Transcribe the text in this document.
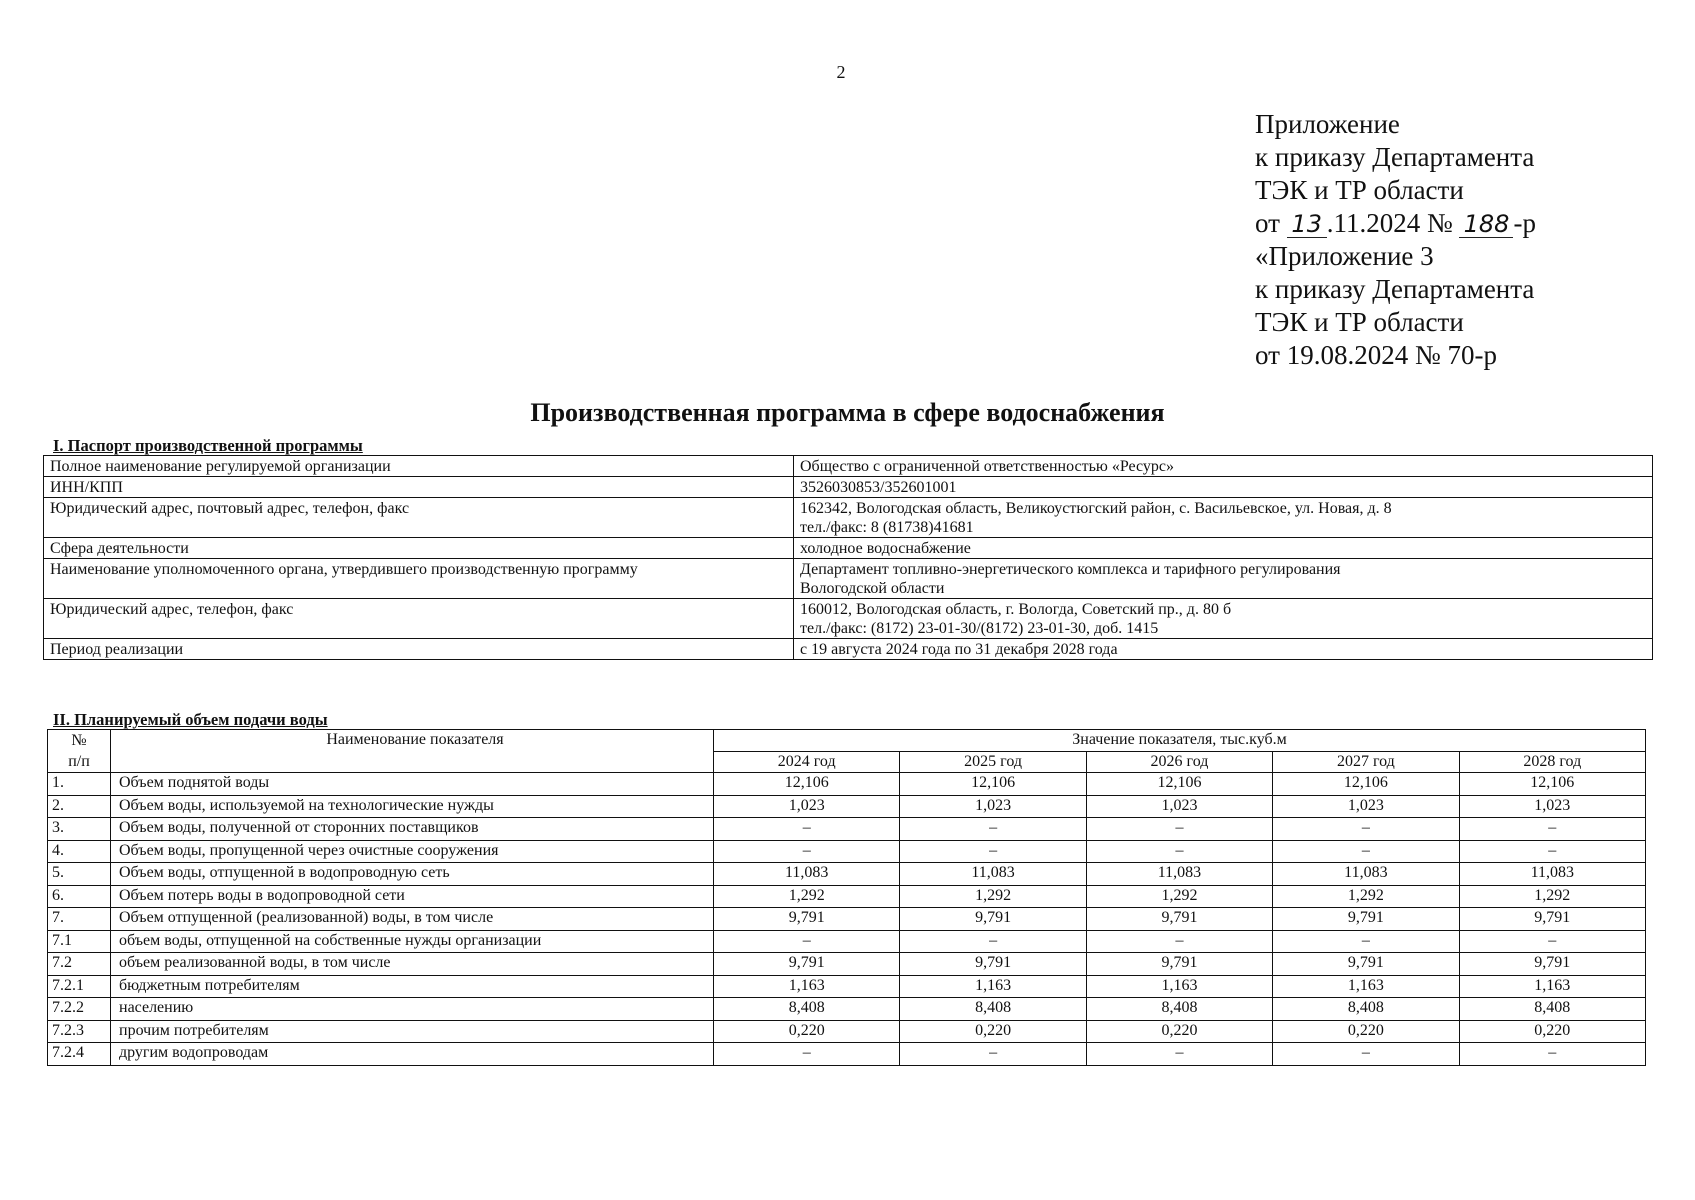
2
Приложение
к приказу Департамента
ТЭК и ТР области
от 13 .11.2024 № 188 -р
«Приложение 3
к приказу Департамента
ТЭК и ТР области
от 19.08.2024 № 70-р
Производственная программа в сфере водоснабжения
I. Паспорт производственной программы
Полное наименование регулируемой организации	Общество с ограниченной ответственностью «Ресурс»
ИНН/КПП	3526030853/352601001
Юридический адрес, почтовый адрес, телефон, факс	162342, Вологодская область, Великоустюгский район, с. Васильевское, ул. Новая, д. 8
тел./факс: 8 (81738)41681
Сфера деятельности	холодное водоснабжение
Наименование уполномоченного органа, утвердившего производственную программу	Департамент топливно-энергетического комплекса и тарифного регулирования
Вологодской области
Юридический адрес, телефон, факс	160012, Вологодская область, г. Вологда, Советский пр., д. 80 б
тел./факс: (8172) 23-01-30/(8172) 23-01-30, доб. 1415
Период реализации	с 19 августа 2024 года по 31 декабря 2028 года
II. Планируемый объем подачи воды
№
п/п	Наименование показателя	Значение показателя, тыс.куб.м				
		2024 год	2025 год	2026 год	2027 год	2028 год
1.	Объем поднятой воды	12,106	12,106	12,106	12,106	12,106
2.	Объем воды, используемой на технологические нужды	1,023	1,023	1,023	1,023	1,023
3.	Объем воды, полученной от сторонних поставщиков	–	–	–	–	–
4.	Объем воды, пропущенной через очистные сооружения	–	–	–	–	–
5.	Объем воды, отпущенной в водопроводную сеть	11,083	11,083	11,083	11,083	11,083
6.	Объем потерь воды в водопроводной сети	1,292	1,292	1,292	1,292	1,292
7.	Объем отпущенной (реализованной) воды, в том числе	9,791	9,791	9,791	9,791	9,791
7.1	объем воды, отпущенной на собственные нужды организации	–	–	–	–	–
7.2	объем реализованной воды, в том числе	9,791	9,791	9,791	9,791	9,791
7.2.1	бюджетным потребителям	1,163	1,163	1,163	1,163	1,163
7.2.2	населению	8,408	8,408	8,408	8,408	8,408
7.2.3	прочим потребителям	0,220	0,220	0,220	0,220	0,220
7.2.4	другим водопроводам	–	–	–	–	–
